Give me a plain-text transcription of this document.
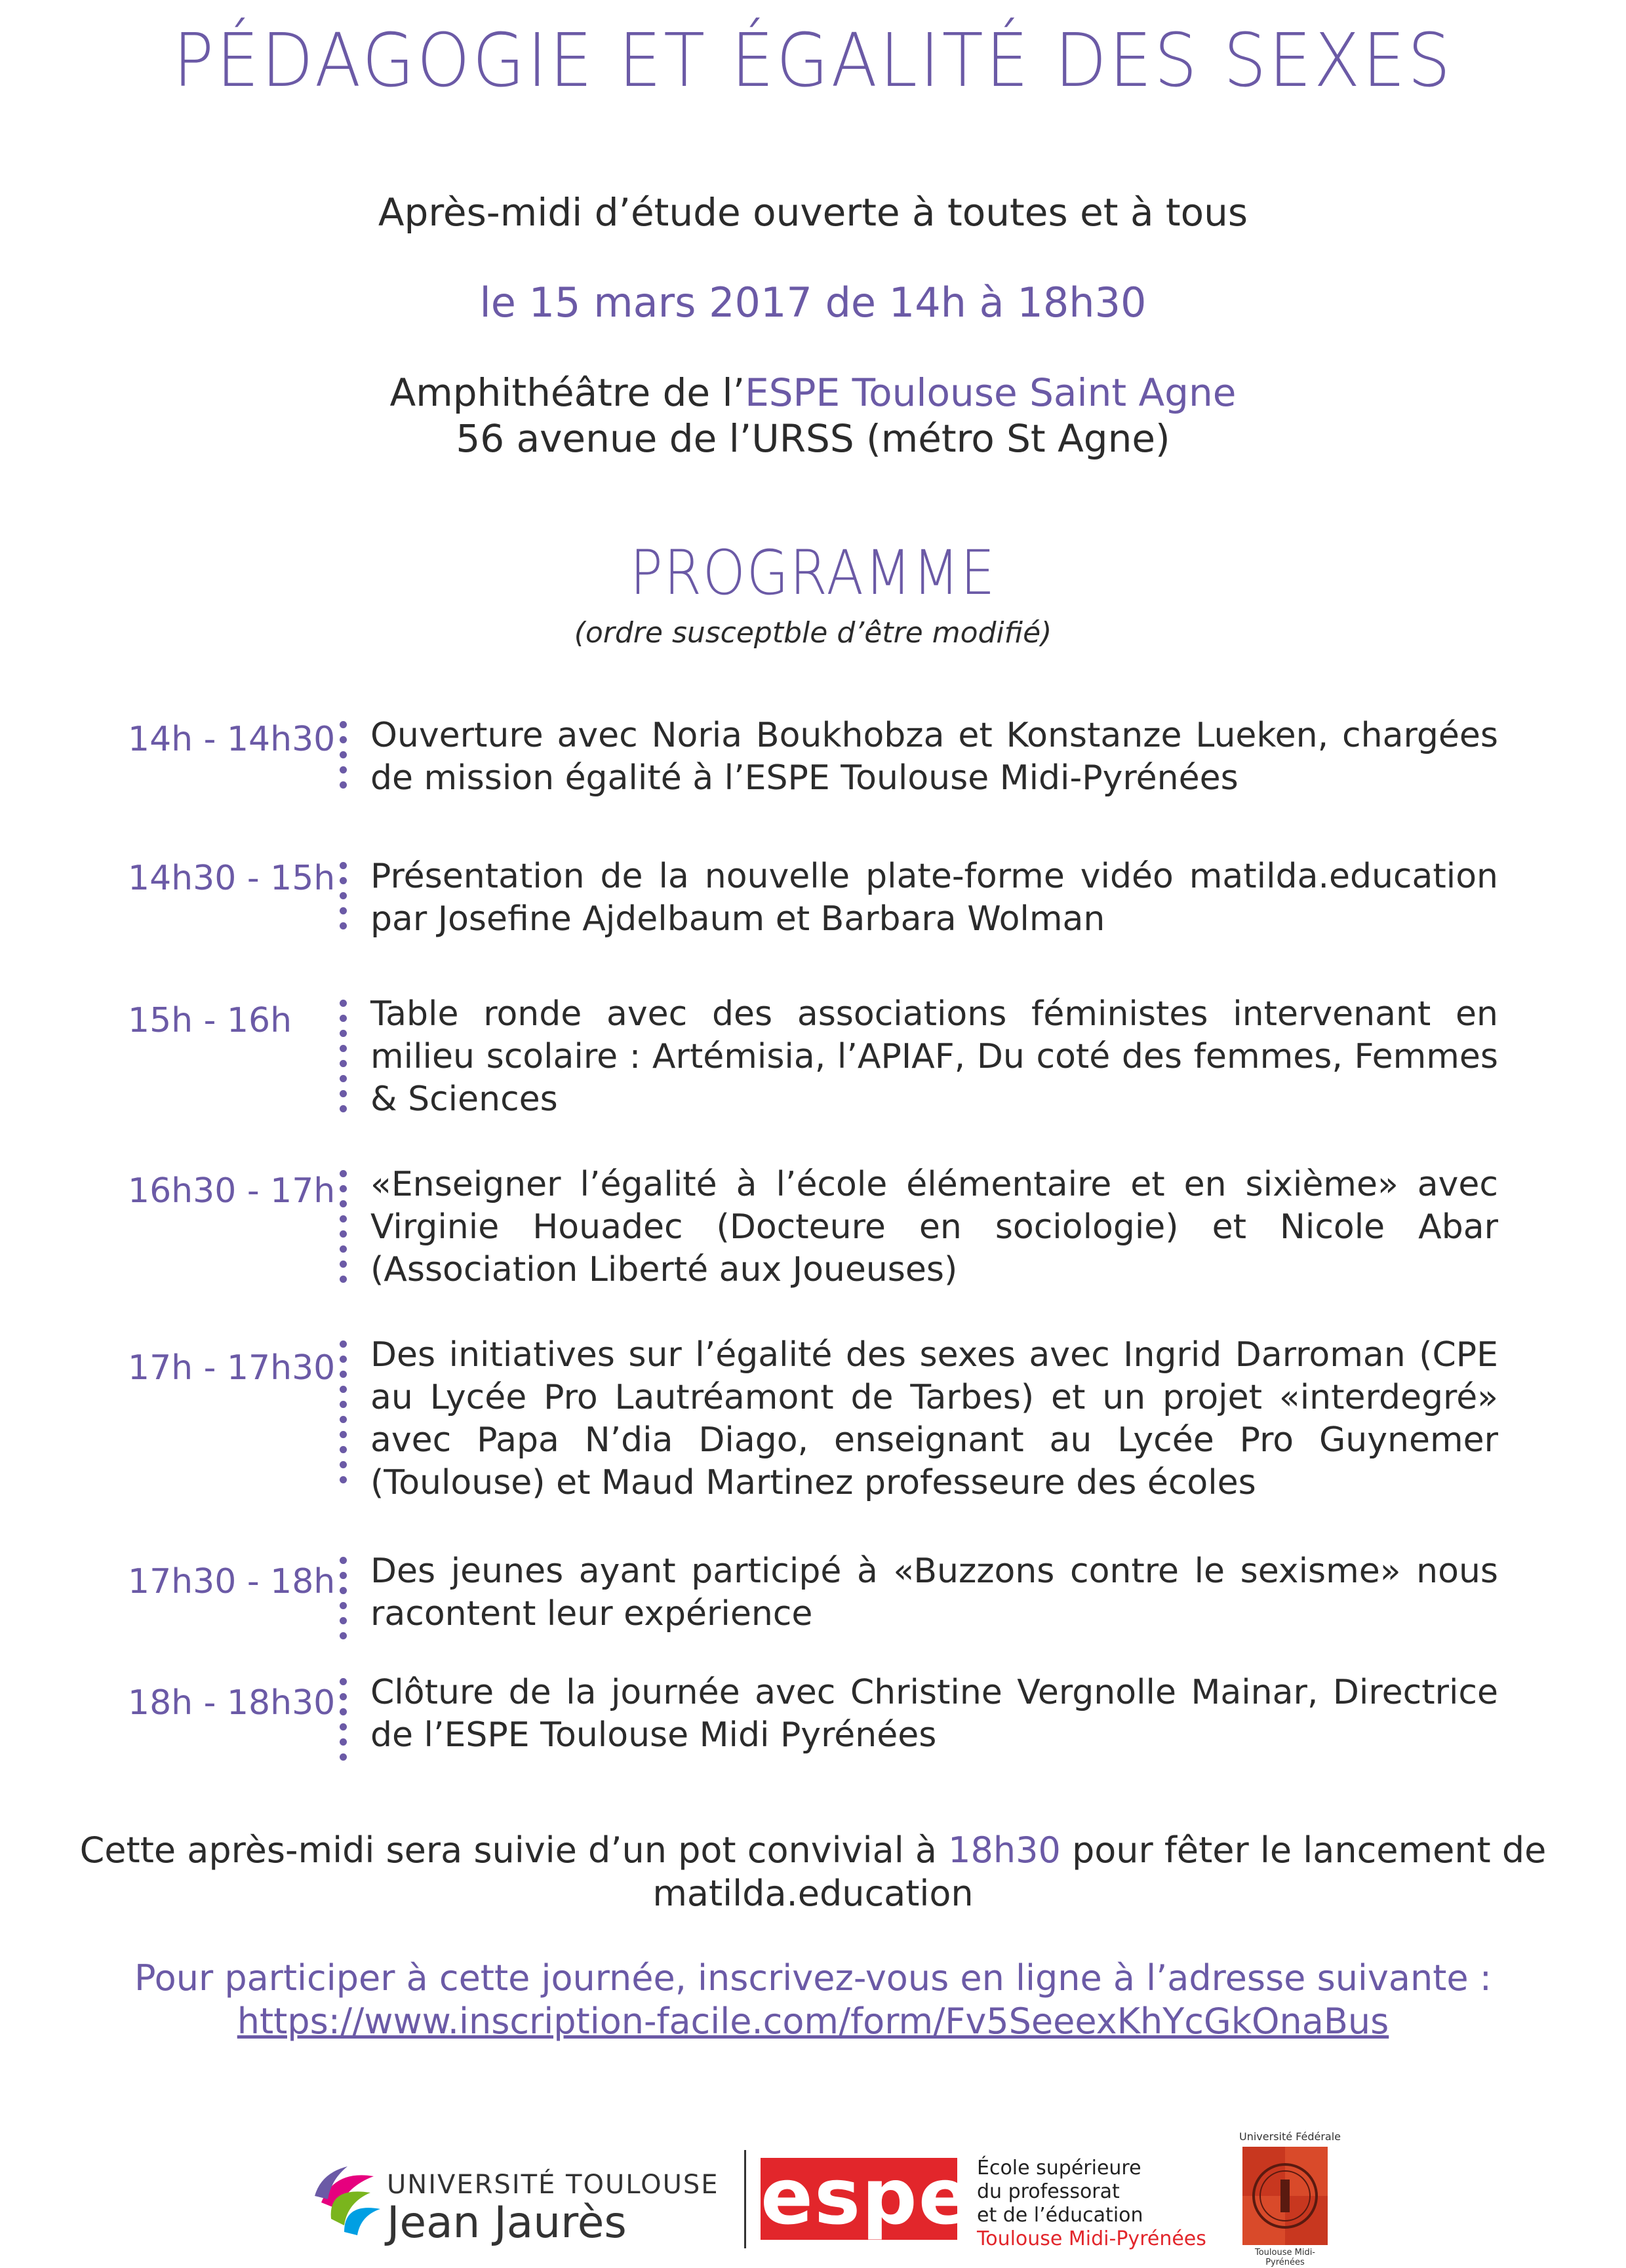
PÉDAGOGIE ET ÉGALITÉ DES SEXES
Après-midi d’étude ouverte à toutes et à tous
le 15 mars 2017 de 14h à 18h30
Amphithéâtre de l’ESPE Toulouse Saint Agne
56 avenue de l’URSS (métro St Agne)
PROGRAMME
(ordre susceptble d’être modifié)
14h - 14h30 Ouverture avec Noria Boukhobza et Konstanze Lueken, chargées de mission égalité à l’ESPE Toulouse Midi-Pyrénées
14h30 - 15h Présentation de la nouvelle plate-forme vidéo matilda.education par Josefine Ajdelbaum et Barbara Wolman
15h - 16h	Table ronde avec des associations féministes intervenant en milieu scolaire : Artémisia, l’APIAF, Du coté des femmes, Femmes & Sciences
16h30 - 17h «Enseigner l’égalité à l’école élémentaire et en sixième» avec Virginie Houadec (Docteure en sociologie) et Nicole Abar (Association Liberté aux Joueuses)
17h - 17h30 Des initiatives sur l’égalité des sexes avec Ingrid Darroman (CPE au Lycée Pro Lautréamont de Tarbes) et un projet «interdegré» avec Papa N’dia Diago, enseignant au Lycée Pro Guynemer (Toulouse) et Maud Martinez professeure des écoles
17h30 - 18h Des jeunes ayant participé à «Buzzons contre le sexisme» nous racontent leur expérience
18h - 18h30 Clôture de la journée avec Christine Vergnolle Mainar, Directrice de l’ESPE Toulouse Midi Pyrénées
Cette après-midi sera suivie d’un pot convivial à 18h30 pour fêter le lancement de matilda.education
Pour participer à cette journée, inscrivez-vous en ligne à l’adresse suivante :
https://www.inscription-facile.com/form/Fv5SeeexKhYcGkOnaBus
UNIVERSITÉ TOULOUSE
Jean Jaurès espe École supérieure
du professorat
et de l’éducation
Toulouse Midi-Pyrénées
Université Fédérale
Toulouse Midi-Pyrénées
